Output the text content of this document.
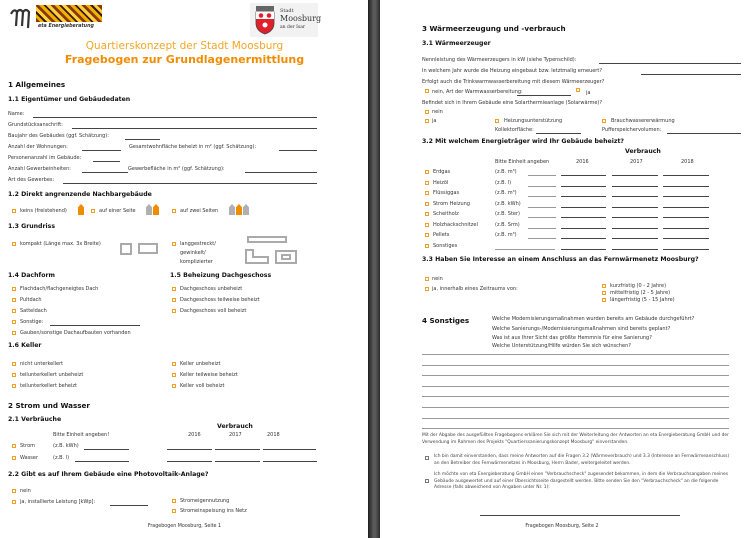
eta Energieberatung
Stadt
Moosburg
an der Isar
Quartierskonzept der Stadt Moosburg
Fragebogen zur Grundlagenermittlung
1 Allgemeines
1.1 Eigentümer und Gebäudedaten
Name:
Grundstücksanschrift:
Baujahr des Gebäudes (ggf. Schätzung):
Anzahl der Wohnungen:	Gesamtwohnfläche beheizt in m² (ggf. Schätzung):
Personenanzahl im Gebäude:
Anzahl Gewerbeinheiten:	Gewerbefläche in m² (ggf. Schätzung):
Art des Gewerbes:
1.2 Direkt angrenzende Nachbargebäude
keins (freistehend)	auf einer Seite	auf zwei Seiten
1.3 Grundriss
kompakt (Länge max. 3x Breite)	langgestreckt/
gewinkelt/
komplizierter
1.4 Dachform	1.5 Beheizung Dachgeschoss
Flachdach/flachgeneigtes Dach
Pultdach
Satteldach
Sonstige:
Gauben/sonstige Dachaufbauten vorhanden
Dachgeschoss unbeheizt
Dachgeschoss teilweise beheizt
Dachgeschoss voll beheizt
1.6 Keller
nicht unterkellert
teilunterkellert unbeheizt
teilunterkellert beheizt
Keller unbeheizt
Keller teilweise beheizt
Keller voll beheizt
2 Strom und Wasser
2.1 Verbräuche
Verbrauch
Bitte Einheit angeben!	2016	2017	2018
Strom	(z.B. kWh)
Wasser	(z.B. l)
2.2 Gibt es auf Ihrem Gebäude eine Photovoltaik-Anlage?
nein
ja, installierte Leistung [kWp]:	Stromeigennutzung
Stromeinspeisung ins Netz
Fragebogen Moosburg, Seite 1
3 Wärmeerzeugung und -verbrauch
3.1 Wärmeerzeuger
Nennleistung des Wärmeerzeugers in kW (siehe Typenschild):
In welchem Jahr wurde die Heizung eingebaut bzw. letztmalig erneuert?
Erfolgt auch die Trinkwarmwasserbereitung mit diesem Wärmeerzeuger?
nein, Art der Warmwasserbereitung:	ja
Befindet sich in Ihrem Gebäude eine Solarthermieanlage (Solarwärme)?
nein
ja	Heizungsunterstützung	Brauchwassererwärmung
Kollektorfläche:	Pufferspeichervolumen:
3.2 Mit welchem Energieträger wird Ihr Gebäude beheizt?
Verbrauch
Bitte Einheit angeben	2016	2017	2018
Erdgas	(z.B. m³)
Heizöl	(z.B. l)
Flüssiggas	(z.B. m³)
Strom Heizung	(z.B. kWh)
Scheitholz	(z.B. Ster)
Holzhackschnitzel	(z.B. Srm)
Pellets	(z.B. m³)
Sonstiges
3.3 Haben Sie Interesse an einem Anschluss an das Fernwärmenetz Moosburg?
nein
ja, innerhalb eines Zeitraums von:	kurzfristig (0 - 2 Jahre)
mittelfristig (2 - 5 Jahre)
längerfristig (5 - 15 Jahre)
4 Sonstiges	Welche Modernisierungsmaßnahmen wurden bereits am Gebäude durchgeführt?
Welche Sanierungs-/Modernisierungsmaßnahmen sind bereits geplant?
Was ist aus Ihrer Sicht das größte Hemmnis für eine Sanierung?
Welche Unterstützung/Hilfe würden Sie sich wünschen?
Mit der Abgabe des ausgefüllten Fragebogens erklären Sie sich mit der Weiterleitung der Antworten an eta Energieberatung GmbH und der Verwendung im Rahmen des Projekts "Quartierssanierungskonzept Moosburg" einverstanden.
Ich bin damit einverstanden, dass meine Antworten auf die Fragen 3.2 (Wärmeverbrauch) und 3.3 (Interesse an Fernwärmeanschluss) an den Betreiber des Fernwärmenetzes in Moosburg, Herrn Bader, weitergeleitet werden.
Ich möchte von eta Energieberatung GmbH einen "Verbrauchscheck" zugesendet bekommen, in dem die Verbrauchsangaben meines Gebäude ausgewertet und auf einer Übersichtsseite dargestellt werden. Bitte senden Sie den "Verbrauchscheck" an die folgende Adresse (falls abweichend von Angaben unter Nr. 1):
Fragebogen Moosburg, Seite 2
